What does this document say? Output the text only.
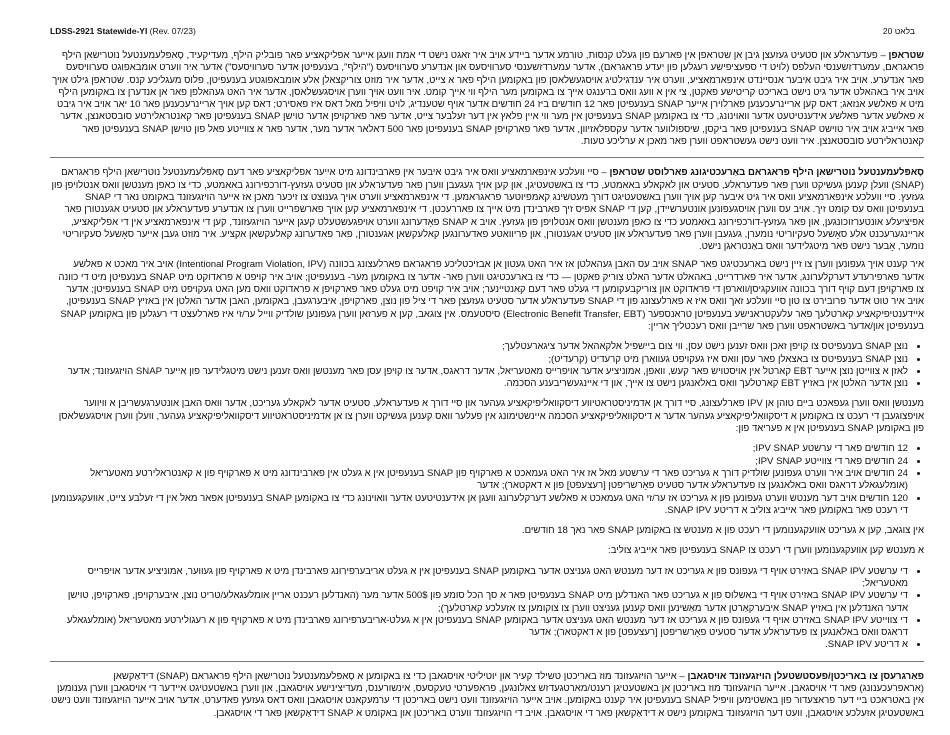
LDSS-2921 Statewide-YI (Rev. 07/23)	בלאט 20

שטראפן – פעדעראלע און סטעיט געזעצן גיבן אן שטראפן אין פארעם פון געלט קנסות, טורמע אדער ביידע אויב איר זאגט נישט די אמת וועגן אייער אפליקאציע פאר פובליק הילף, מעדיקעיד, סָאפּלעמענטעל נוטרישאן הילף פראגראם, עמערדזשענסי העלפס (לויט די ספעציפישע רעגלען פון יעדע פראגראם), אדער עמערדזשענסי סערוויסעס און אנדערע סערוויסעס ("הילף", בענעפיטן אדער סערוויסעס") אדער איר ווערט אומבאפוגט סערוויסעס פאר אנדערע. אויב איר גיבט איבער אנסיינדט אינפארמאציע, ווערט איר ענדגילטיג אויסגעשלאסן פון באקומען הילף פאר א צייט, אדער איר מוזט צוריקצאלן אלע אומבאפוגטע בענעפיטן, פלוס מעגליכע קנס. שטראפן גילט אויך אויב איר באהאלט אדער גיט נישט באריכט קריטישע פאקטן, צי אין א וועג וואס ברענגט אייך צו באקומען מער הילף ווי אייך קומט. איר וועט אויך ווערן אויסגעשלאסן, אדער איר האט געהאלפן פאר אן אנדערן צו באקומען הילף מיט א פאלשע אנזאג; דאס קען אריינרעכענען פארלוירן אייער SNAP בענעפיטן פאר 12 חודשים ביז 24 חודשים אדער אויף שטענדיג, לויט וויפיל מאל דאס איז פאסירט; דאס קען אויך אריינרעכענען פאר 10 יאר אויב איר גיבט א פאלשע אדער פאלשע אידענטיטעט אדער וואוינונג, כדי צו באקומען SNAP בענעפיטן אין מער ווי איין פלאץ אין דער זעלבער צייט, אדער פאר פארקויפן אדער טוישן SNAP בענעפיטן פאר קאנטראלירטע סובסטאנצן, אדער פאר אייביג אויב איר טוישט SNAP בענעפיטן פאר ביקסן, שיספולווער אדער עקספלאזיוון, אדער פאר פארקויפן SNAP בענעפיטן פאר 500 דאלאר אדער מער, אדער פאר א צווייטע פאל פון טוישן SNAP בענעפיטן פאר קאנטראלירטע סובסטאנצן. איר וועט נישט געשטראפט ווערן פאר מאכן א ערליכע טעות.

סָאפּלעמענטעל נוטרישאן הילף פראגראם באַרעכטיגונג פארלוסט שטראפן – סיי וועלכע אינפארמאציע וואס איר גיבט איבער אין פארבינדונג מיט אייער אפליקאציע פאר דעם סָאפּלעמענטעל נוטרישאן הילף פראגראם (SNAP) וועלן קענען געשיקט ווערן פאר פעדעראלע, סטעיט און לאקאלע באאמטע, כדי צו באשטעטיגן, און קען אויך געגעבן ווערן פאר פעדעראלע און סטעיט געזעץ-דורכפירונג באאמטע, כדי צו כאפן מענטשן וואס אנטלויפן פון געזעץ. סיי וועלכע אינפארמאציע וואס איר גיט איבער קען אויך ווערן באשטעטיגט דורך מעטשינג קאמפיוטער פראגראמען. די אינפארמאציע ווערט אויך גענוצט צו זיכער מאכן אז אייער הויזגעזונד באקומט נאר די SNAP בענעפיטן וואס עס קומט זיך. אויב עס ווערן אויסגעפונען אונטערשיידן, קען די SNAP אפיס זיך פארבינדן מיט אייך צו פאררעכטן. די אינפארמאציע קען אויך פארשפרייט ווערן צו אנדערע פעדעראלע און סטעיט אגענטורן פאר אפיציעלע אונטערזוכונגען, און פאר געזעץ-דורכפירונג באאמטע כדי צו כאפן מענטשן וואס אנטלויפן פון געזעץ. אויב א SNAP פאָדערונג ווערט אויפגעשטעלט קעגן אייער הויזגעזונד, קען די אינפארמאציע אין די אפליקאציע, אריינגערעכנט אלע סאָשעל סעקיוריטי נומערן, געגעבן ווערן פאר פעדעראלע און סטעיט אגענטורן, און פריוואטע פאדערונגען קאלעקשאן אגענטורן, פאר פאדערונג קאלעקשאן אקציע. איר מוזט געבן אייער סאָשעל סעקיוריטי נומער, אָבער נישט פאר מיטגלידער וואס באַנטראגן נישט.

איר קענט אויך געפונען ווערן צו זיין נישט בארעכטיגט פאר SNAP אויב עס האבן געהאלטן אז איר האט געטון אן אבזיכטליכע פראגראם פארלעצונג בכוונה (Intentional Program Violation, IPV) אויב איר מאכט א פאלשע אדער פארפירעדע דערקלערונג, אדער איר פארדרייט, באהאלט אדער האלט צוריק פאקטן — כדי צו בארעכטיגט ווערן פאר- אדער צו באקומען מער- בענעפיטן; אויב איר קויפט א פראדוקט מיט SNAP בענעפיטן מיט די כוונה צו פארקויפן דעם קויף דורך בכוונה אוועקגיסן/ווארפן די פראדוקט און צוריקבעקומען די געלט פאר דעם קאנטיינער; אויב איר קויפט מיט געלט פאר פארקויפן א פראדוקט וואס מען האט געקויפט מיט SNAP בענעפיטן; אדער אויב איר טוט אדער פרובירט צו טון סיי וועלכע זאך וואס איז א פארלעצונג פון די SNAP פעדעראלע אדער סטעיט געזעצן פאר די ציל פון נוצן, פארקויפן, איבערגעבן, באקומען, האבן אדער האלטן אין באזיץ SNAP בענעפיטן, איידענטיפיקאציע קארטלעך פאר עלעקטראנישע בענעפיטן טראנספער (Electronic Benefit Transfer, EBT) סיסטעמס. אין צוגאב, קען א פערזאן ווערן געפונען שולדיק ווייל ער/זי איז פארלעצט די רעגלען פון באקומען SNAP בענעפיטן און/אדער באשטראפט ווערן פאר שרייבן וואס רעכטליך אריין:

• נוצן SNAP בענעפיטס צו קויפן זאכן וואס זענען נישט עסן, ווי צום ביישפיל אלקאהאל אדער ציגארעטלעך;
• נוצן SNAP בענעפיטס צו באצאלן פאר עסן וואס איז געקויפט געווארן מיט קרעדיט (קרעדיט);
• לאזן א צווייטן נוצן אייער EBT קארטל אין אויסטויש פאר קעש, וואפן, אמוניציע אדער אויפרייס מאטעריאל, אדער דראגס, אדער צו קויפן עסן פאר מענטשן וואס זענען נישט מיטגלידער פון אייער SNAP הויזגעזונד; אדער
• נוצן אדער האלטן אין באזיץ EBT קארטלעך וואס באלאנגען נישט צו אייך, און די איינגעשריבענע הסכמה.

מענטשן וואס ווערן געפאכט ביים טוהן אן IPV פארלעצונג, סיי דורך אן אדמיניסטראטיווע דיסקוואליפיקאציע געהער און סיי דורך א פעדעראלע, סטעיט אדער לאקאלע געריכט, אדער וואס האבן אונטערגעשריבן א וויווער אויפצוגעבן די רעכט צו באקומען א דיסקוואליפיקאציע געהער אדער א דיסקוואליפיקאציע הסכמה איינשטימונג אין פעלער וואס קענען געשיקט ווערן צו אן אדמיניסטראטיווע דיסקוואליפיקאציע געהער, וועלן ווערן אויסגעשלאסן פון באקומען SNAP בענעפיטן אין א פעריאד פון:

• 12 חודשים פאר די ערשטע IPV SNAP;
• 24 חודשים פאר די צווייטע IPV SNAP;
• 24 חודשים אויב איר ווערט געפונען שולדיק דורך א געריכט פאר די ערשטע מאל אז איר האט געמאכט א פארקויף פון SNAP בענעפיטן אין א געלט אין פארבינדונג מיט א פארקויף פון א קאנטראלירטע מאטעריאל (אומלעגאלע דראגס וואס באלאנגען צו פעדעראלע אדער סטעיט פאָרשריפטן [רעצעפט] פון א דאקטאר); אדער
• 120 חודשים אויב דער מענטש ווערט געפונען פון א געריכט אז ער/זי האט געמאכט א פאלשע דערקלערונג וועגן אן אידענטיטעט אדער וואוינונג כדי צו באקומען SNAP בענעפיטן אפאר מאל אין די זעלבע צייט, אוועקגענומען די רעכט פאר באקומען פאר אייביג צוליב א דריטע SNAP IPV.

אין צוגאב, קען א געריכט אוועקגענומען די רעכט פון א מענטש צו באקומען SNAP פאר נאך 18 חודשים.

א מענטש קען אוועקגענומען ווערן די רעכט צו SNAP בענעפיטן פאר אייביג צוליב:

• די ערשטע SNAP IPV באזירט אויף די געפונס פון א געריכט אז דער מענטש האט געניצט אדער באקומען SNAP בענעפיטן אין א געלט אריבערפירונג פארבינדן מיט א פארקויף פון געווער, אמוניציע אדער אויפרייס מאטעריאל;
• די ערשטע SNAP IPV באזירט אויף די באשלוס פון א געריכט פאר האנדלען מיט SNAP בענעפיטן פאר א סך הכל סומע פון 500$ אדער מער (האנדלען רעכנט אריין אומלעגאלע/טריט נוצן, איבערקויפן, פארקויפן, טוישן אדער האנדלען אין באזיץ SNAP איבערקאַרטן אדער מאַשינען וואס קענען געניצט ווערן צו צוקומען צו אזעלכע קארטלעך);
• די צווייטע SNAP IPV באזירט אויף די געפונס פון א געריכט אז דער מענטש האט געניצט אדער באקומען SNAP בענעפיטן אין א געלט-אריבערפירונג פארבינדן מיט א פארקויף פון א רעגולירטע מאטעריאל (אומלעגאלע דראגס וואס באלאנגען צו פעדעראלע אדער סטעיט פאָרשריפטן [רעצעפט] פון א דאקטאר); אדער
• א דריטע SNAP IPV.

פאַרגרעסן צו באריכטן/פעסטשטעלן הויזגעזונד אויסגאבן – אייער הויזגעזונד מוז באריכטן טשילד קעיר און יוטיליטי אויסגאבן כדי צו באקומען א סָאפּלעמענטעל נוטרישאן הילף פראגראם (SNAP) דידאַקשאן (אראפרעכענונג) פאר די אויסגאבן. אייער הויזגעזונד מוז באריכטן אן באשטעטיגן רענט/מארטגעדזש צאלונגען, פראפערטי טעקסעס, אינשורענס, מעדיצינישע אויסגאבן, און ווערן באשטעטיגט איידער די אויסגאבן ווערן גענומען אין באטראכט ביי דער פראצעדור פון באשטימען וויפיל SNAP בענעפיטן איר קענט באקומען. אויב אייער הויזגעזונד וועט נישט באריכטן די ערמעקאנט אויסגאבן וואס דאס געזעץ פאדערט, אדער אויב אייער הויזגעזונד וועט נישט באשטעטיגן אזעלכע אויסגאבן, וועט דער הויזגעזונד באקומען נישט א דידאַקשאן פאר די אויסגאבן. אויב די הויזגעזונד ווערט באריכטן און באקומט א SNAP דידאַקשאן פאר די אויסגאבן.
